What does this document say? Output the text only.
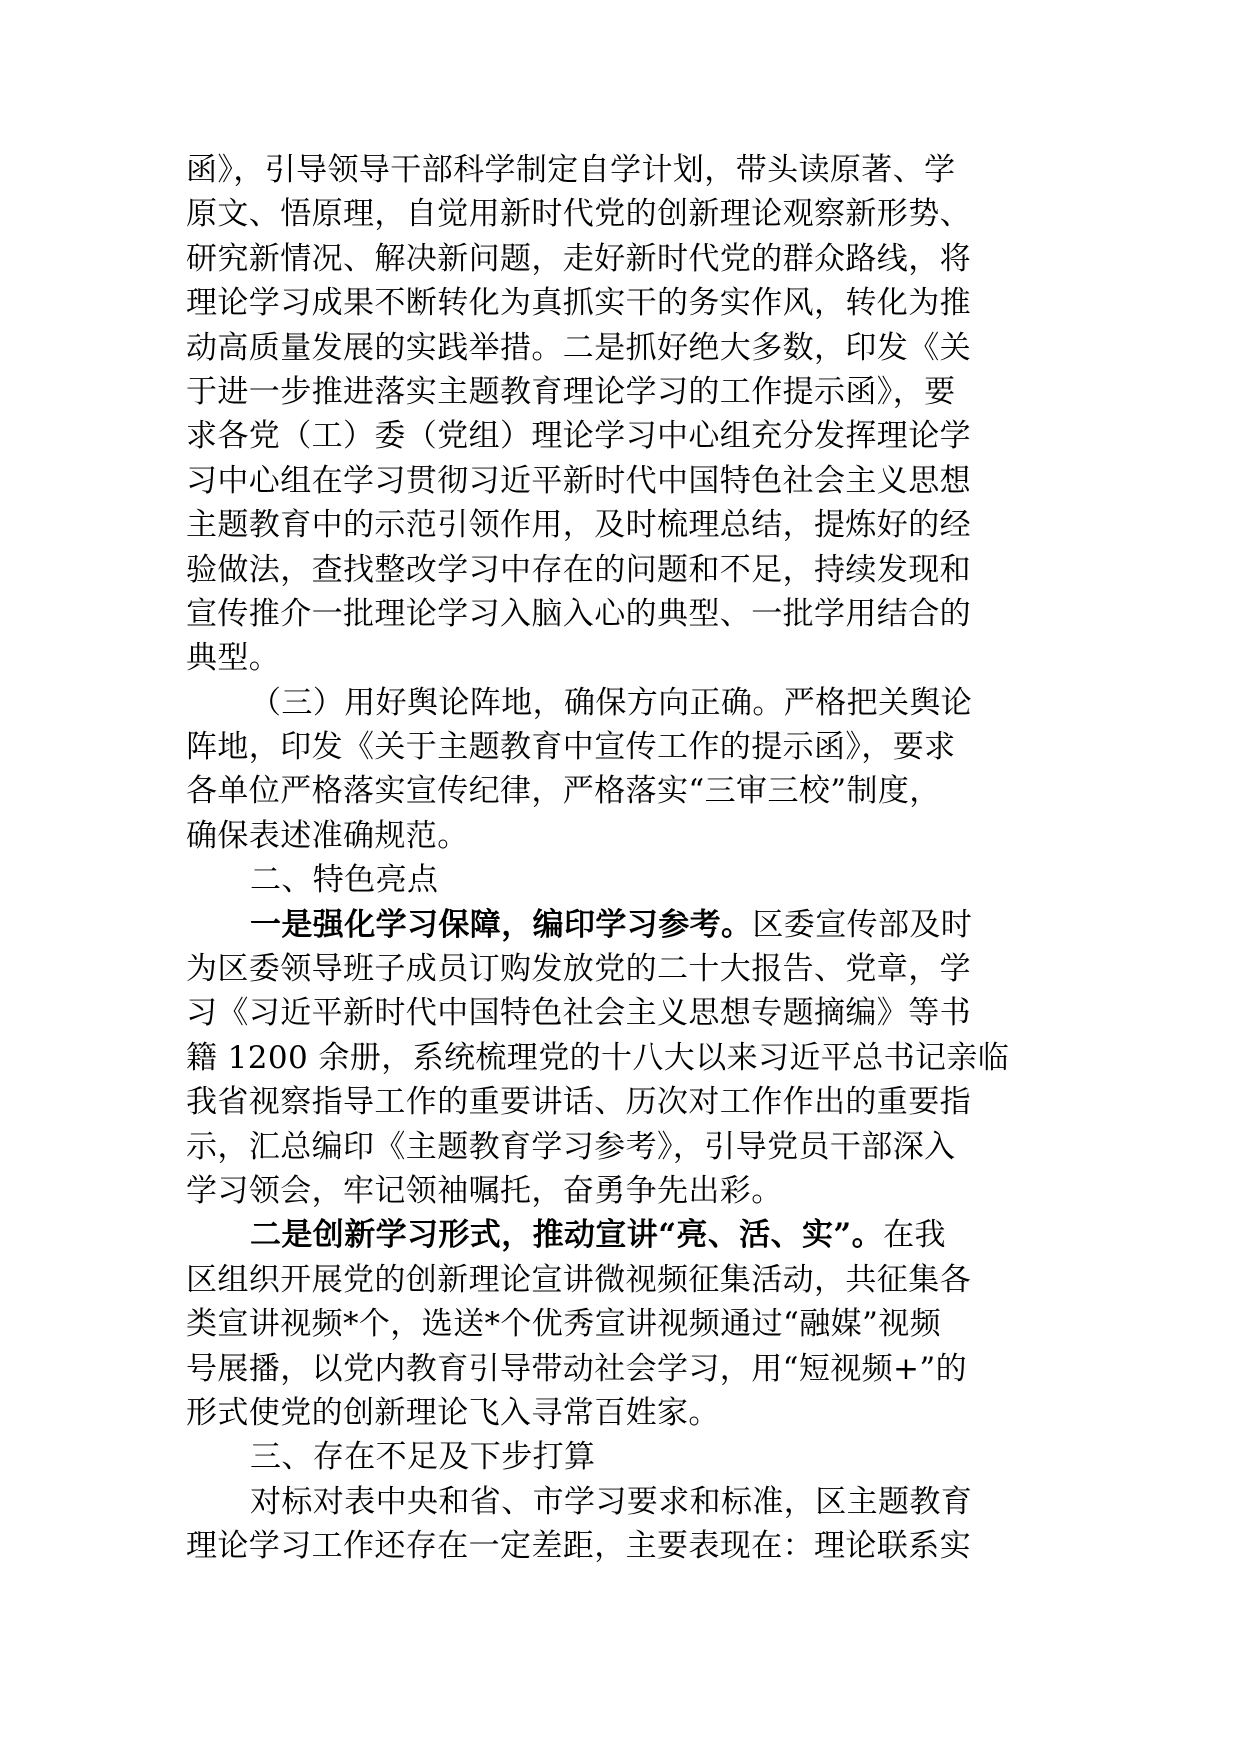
函》，引导领导干部科学制定自学计划，带头读原著、学
原文、悟原理，自觉用新时代党的创新理论观察新形势、
研究新情况、解决新问题，走好新时代党的群众路线，将
理论学习成果不断转化为真抓实干的务实作风，转化为推
动高质量发展的实践举措。二是抓好绝大多数，印发《关
于进一步推进落实主题教育理论学习的工作提示函》，要
求各党（工）委（党组）理论学习中心组充分发挥理论学
习中心组在学习贯彻习近平新时代中国特色社会主义思想
主题教育中的示范引领作用，及时梳理总结，提炼好的经
验做法，查找整改学习中存在的问题和不足，持续发现和
宣传推介一批理论学习入脑入心的典型、一批学用结合的
典型。
（三）用好舆论阵地，确保方向正确。严格把关舆论
阵地，印发《关于主题教育中宣传工作的提示函》，要求
各单位严格落实宣传纪律，严格落实“三审三校”制度，
确保表述准确规范。
二、特色亮点
一是强化学习保障，编印学习参考。区委宣传部及时
为区委领导班子成员订购发放党的二十大报告、党章，学
习《习近平新时代中国特色社会主义思想专题摘编》等书
籍 1200 余册，系统梳理党的十八大以来习近平总书记亲临
我省视察指导工作的重要讲话、历次对工作作出的重要指
示，汇总编印《主题教育学习参考》，引导党员干部深入
学习领会，牢记领袖嘱托，奋勇争先出彩。
二是创新学习形式，推动宣讲“亮、活、实”。在我
区组织开展党的创新理论宣讲微视频征集活动，共征集各
类宣讲视频*个，选送*个优秀宣讲视频通过“融媒”视频
号展播，以党内教育引导带动社会学习，用“短视频+”的
形式使党的创新理论飞入寻常百姓家。
三、存在不足及下步打算
对标对表中央和省、市学习要求和标准，区主题教育
理论学习工作还存在一定差距，主要表现在：理论联系实
